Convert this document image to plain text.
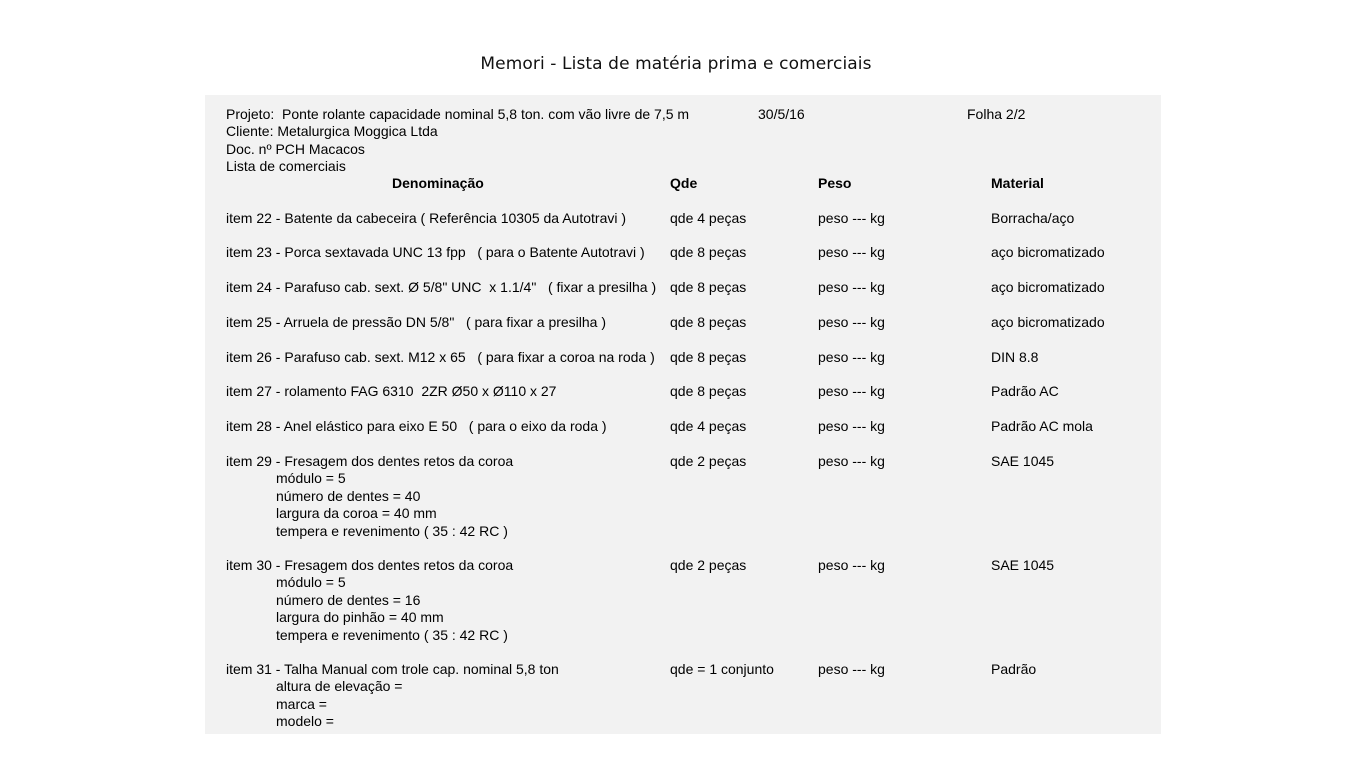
Memori - Lista de matéria prima e comerciais
Projeto:  Ponte rolante capacidade nominal 5,8 ton. com vão livre de 7,5 m	30/5/16	Folha 2/2
Cliente: Metalurgica Moggica Ltda
Doc. nº PCH Macacos
Lista de comerciais
Denominação	Qde	Peso	Material
item 22 - Batente da cabeceira ( Referência 10305 da Autotravi )	qde 4 peças	peso --- kg	Borracha/aço
item 23 - Porca sextavada UNC 13 fpp   ( para o Batente Autotravi ) qde 8 peças	peso --- kg	aço bicromatizado
item 24 - Parafuso cab. sext. Ø 5/8" UNC  x 1.1/4"   ( fixar a presilha ) qde 8 peças	peso --- kg	aço bicromatizado
item 25 - Arruela de pressão DN 5/8"   ( para fixar a presilha )	qde 8 peças	peso --- kg	aço bicromatizado
item 26 - Parafuso cab. sext. M12 x 65   ( para fixar a coroa na roda ) qde 8 peças	peso --- kg	DIN 8.8
item 27 - rolamento FAG 6310  2ZR Ø50 x Ø110 x 27	qde 8 peças	peso --- kg	Padrão AC
item 28 - Anel elástico para eixo E 50   ( para o eixo da roda )	qde 4 peças	peso --- kg	Padrão AC mola
item 29 - Fresagem dos dentes retos da coroa	qde 2 peças	peso --- kg	SAE 1045
módulo = 5
número de dentes = 40
largura da coroa = 40 mm
tempera e revenimento ( 35 : 42 RC )
item 30 - Fresagem dos dentes retos da coroa	qde 2 peças	peso --- kg	SAE 1045
módulo = 5
número de dentes = 16
largura do pinhão = 40 mm
tempera e revenimento ( 35 : 42 RC )
item 31 - Talha Manual com trole cap. nominal 5,8 ton	qde = 1 conjunto	peso --- kg	Padrão
altura de elevação =
marca =
modelo =
